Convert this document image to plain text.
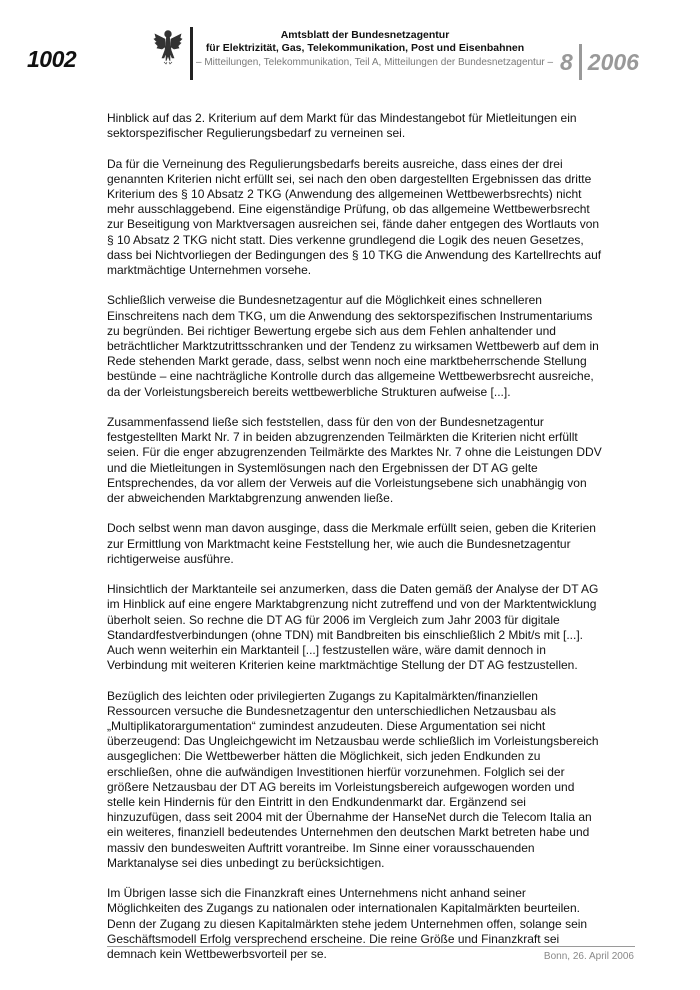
1002
Amtsblatt der Bundesnetzagentur
für Elektrizität, Gas, Telekommunikation, Post und Eisenbahnen
– Mitteilungen, Telekommunikation, Teil A, Mitteilungen der Bundesnetzagentur – 8 2006

Hinblick auf das 2. Kriterium auf dem Markt für das Mindestangebot für Mietleitungen ein sektorspezifischer Regulierungsbedarf zu verneinen sei.

Da für die Verneinung des Regulierungsbedarfs bereits ausreiche, dass eines der drei genannten Kriterien nicht erfüllt sei, sei nach den oben dargestellten Ergebnissen das dritte Kriterium des § 10 Absatz 2 TKG (Anwendung des allgemeinen Wettbewerbsrechts) nicht mehr ausschlaggebend. Eine eigenständige Prüfung, ob das allgemeine Wettbewerbsrecht zur Beseitigung von Marktversagen ausreichen sei, fände daher entgegen des Wortlauts von § 10 Absatz 2 TKG nicht statt. Dies verkenne grundlegend die Logik des neuen Gesetzes, dass bei Nichtvorliegen der Bedingungen des § 10 TKG die Anwendung des Kartellrechts auf marktmächtige Unternehmen vorsehe.

Schließlich verweise die Bundesnetzagentur auf die Möglichkeit eines schnelleren Einschreitens nach dem TKG, um die Anwendung des sektorspezifischen Instrumentariums zu begründen. Bei richtiger Bewertung ergebe sich aus dem Fehlen anhaltender und beträchtlicher Marktzutrittsschranken und der Tendenz zu wirksamen Wettbewerb auf dem in Rede stehenden Markt gerade, dass, selbst wenn noch eine marktbeherrschende Stellung bestünde – eine nachträgliche Kontrolle durch das allgemeine Wettbewerbsrecht ausreiche, da der Vorleistungsbereich bereits wettbewerbliche Strukturen aufweise [...].

Zusammenfassend ließe sich feststellen, dass für den von der Bundesnetzagentur festgestellten Markt Nr. 7 in beiden abzugrenzenden Teilmärkten die Kriterien nicht erfüllt seien. Für die enger abzugrenzenden Teilmärkte des Marktes Nr. 7 ohne die Leistungen DDV und die Mietleitungen in Systemlösungen nach den Ergebnissen der DT AG gelte Entsprechendes, da vor allem der Verweis auf die Vorleistungsebene sich unabhängig von der abweichenden Marktabgrenzung anwenden ließe.

Doch selbst wenn man davon ausginge, dass die Merkmale erfüllt seien, geben die Kriterien zur Ermittlung von Marktmacht keine Feststellung her, wie auch die Bundesnetzagentur richtigerweise ausführe.

Hinsichtlich der Marktanteile sei anzumerken, dass die Daten gemäß der Analyse der DT AG im Hinblick auf eine engere Marktabgrenzung nicht zutreffend und von der Marktentwicklung überholt seien. So rechne die DT AG für 2006 im Vergleich zum Jahr 2003 für digitale Standardfestverbindungen (ohne TDN) mit Bandbreiten bis einschließlich 2 Mbit/s mit [...]. Auch wenn weiterhin ein Marktanteil [...] festzustellen wäre, wäre damit dennoch in Verbindung mit weiteren Kriterien keine marktmächtige Stellung der DT AG festzustellen.

Bezüglich des leichten oder privilegierten Zugangs zu Kapitalmärkten/finanziellen Ressourcen versuche die Bundesnetzagentur den unterschiedlichen Netzausbau als „Multiplikatorargumentation“ zumindest anzudeuten. Diese Argumentation sei nicht überzeugend: Das Ungleichgewicht im Netzausbau werde schließlich im Vorleistungsbereich ausgeglichen: Die Wettbewerber hätten die Möglichkeit, sich jeden Endkunden zu erschließen, ohne die aufwändigen Investitionen hierfür vorzunehmen. Folglich sei der größere Netzausbau der DT AG bereits im Vorleistungsbereich aufgewogen worden und stelle kein Hindernis für den Eintritt in den Endkundenmarkt dar. Ergänzend sei hinzuzufügen, dass seit 2004 mit der Übernahme der HanseNet durch die Telecom Italia an ein weiteres, finanziell bedeutendes Unternehmen den deutschen Markt betreten habe und massiv den bundesweiten Auftritt vorantreibe. Im Sinne einer vorausschauenden Marktanalyse sei dies unbedingt zu berücksichtigen.

Im Übrigen lasse sich die Finanzkraft eines Unternehmens nicht anhand seiner Möglichkeiten des Zugangs zu nationalen oder internationalen Kapitalmärkten beurteilen. Denn der Zugang zu diesen Kapitalmärkten stehe jedem Unternehmen offen, solange sein Geschäftsmodell Erfolg versprechend erscheine. Die reine Größe und Finanzkraft sei demnach kein Wettbewerbsvorteil per se.	Bonn, 26. April 2006
